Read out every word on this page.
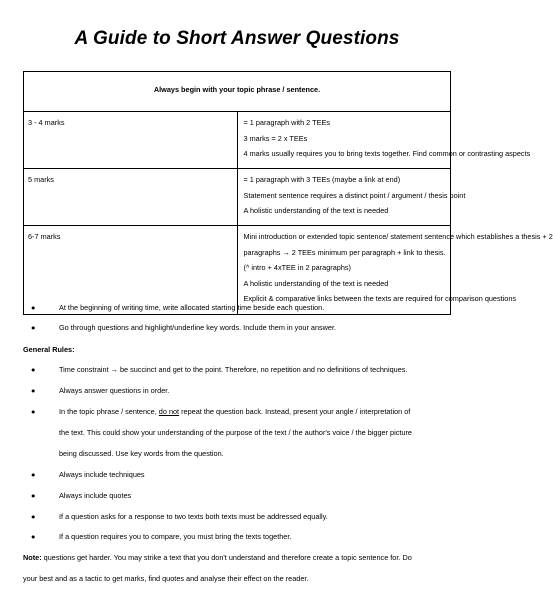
A Guide to Short Answer Questions
Always begin with your topic phrase / sentence.	
3 - 4 marks	= 1 paragraph with 2 TEEs
3 marks = 2 x TEEs
4 marks usually requires you to bring texts together. Find common or contrasting aspects

5 marks	= 1 paragraph with 3 TEEs (maybe a link at end)
Statement sentence requires a distinct point / argument / thesis point
A holistic understanding of the text is needed

6-7 marks	Mini introduction or extended topic sentence/ statement sentence which establishes a thesis + 2
paragraphs → 2 TEEs minimum per paragraph + link to thesis.
(^ intro + 4xTEE in 2 paragraphs)
A holistic understanding of the text is needed
Explicit & comparative links between the texts are required for comparison questions
●	At the beginning of writing time, write allocated starting time beside each question.
●	Go through questions and highlight/underline key words. Include them in your answer.
General Rules:
●	Time constraint → be succinct and get to the point. Therefore, no repetition and no definitions of techniques.
●	Always answer questions in order.
●	In the topic phrase / sentence, do not repeat the question back. Instead, present your angle / interpretation of
the text. This could show your understanding of the purpose of the text / the author's voice / the bigger picture
being discussed. Use key words from the question.
●	Always include techniques
●	Always include quotes
●	If a question asks for a response to two texts both texts must be addressed equally.
●	If a question requires you to compare, you must bring the texts together.
Note: questions get harder. You may strike a text that you don't understand and therefore create a topic sentence for. Do
your best and as a tactic to get marks, find quotes and analyse their effect on the reader.
